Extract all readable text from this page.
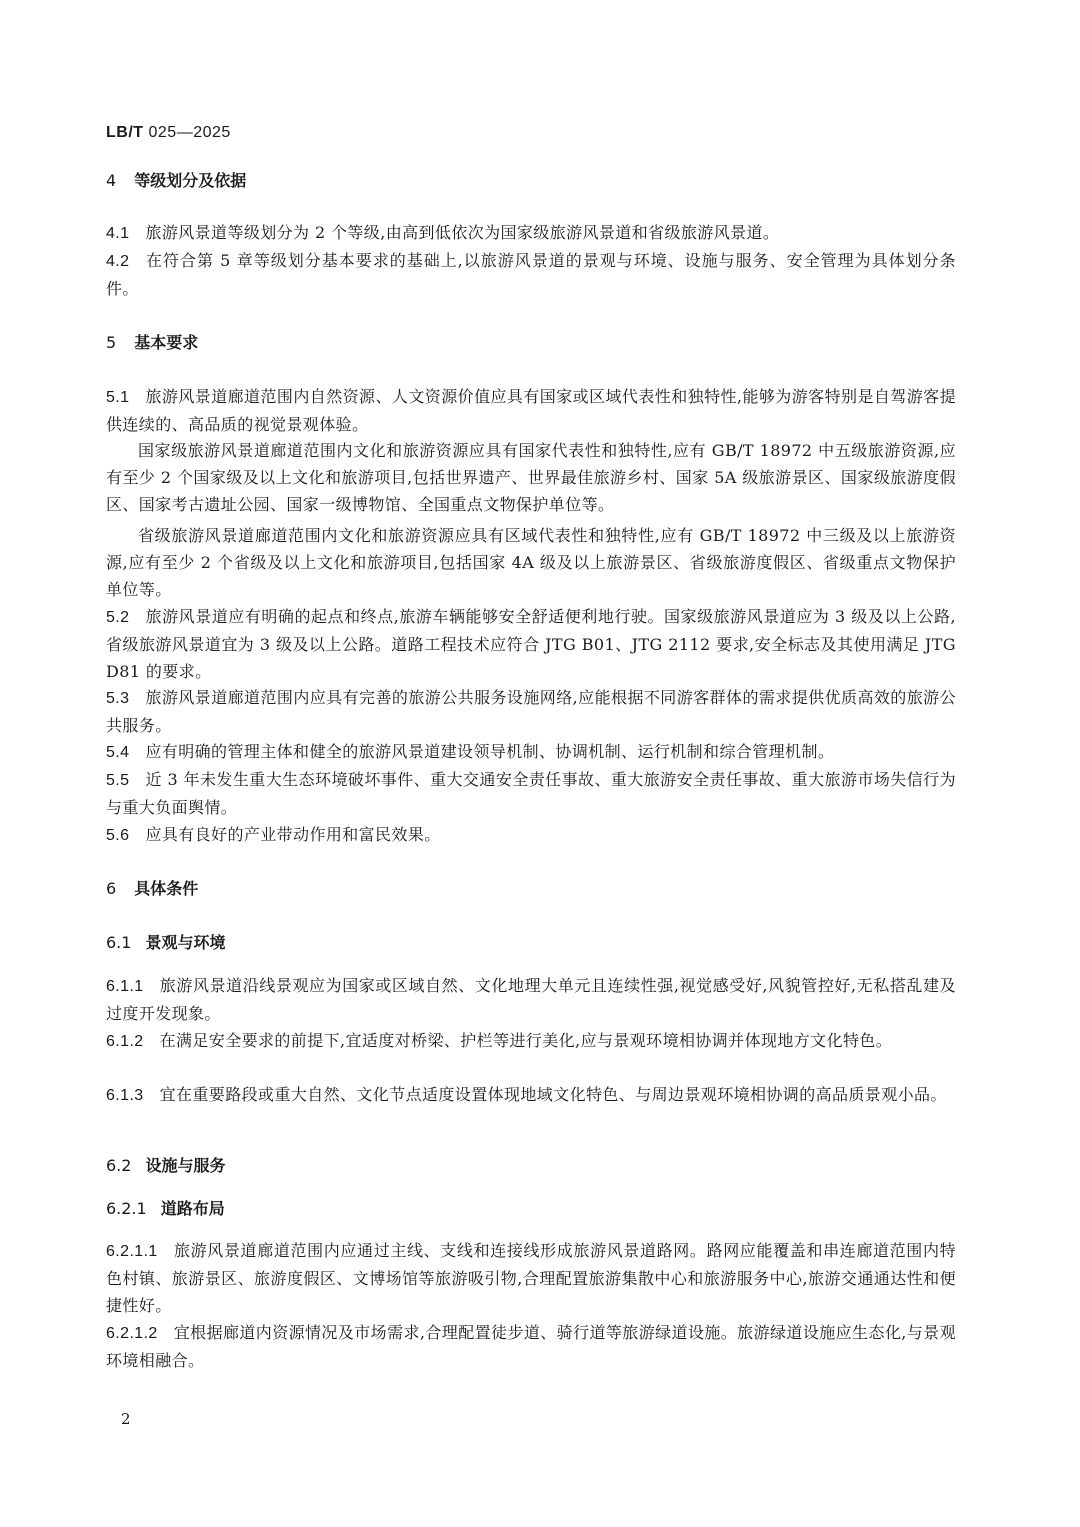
LB/T 025—2025
4 等级划分及依据

4.1 旅游风景道等级划分为 2 个等级,由高到低依次为国家级旅游风景道和省级旅游风景道。

4.2 在符合第 5 章等级划分基本要求的基础上,以旅游风景道的景观与环境、设施与服务、安全管理为具体划分条件。

5 基本要求

5.1 旅游风景道廊道范围内自然资源、人文资源价值应具有国家或区域代表性和独特性,能够为游客特别是自驾游客提供连续的、高品质的视觉景观体验。

国家级旅游风景道廊道范围内文化和旅游资源应具有国家代表性和独特性,应有 GB/T 18972 中五级旅游资源,应有至少 2 个国家级及以上文化和旅游项目,包括世界遗产、世界最佳旅游乡村、国家 5A 级旅游景区、国家级旅游度假区、国家考古遗址公园、国家一级博物馆、全国重点文物保护单位等。

省级旅游风景道廊道范围内文化和旅游资源应具有区域代表性和独特性,应有 GB/T 18972 中三级及以上旅游资源,应有至少 2 个省级及以上文化和旅游项目,包括国家 4A 级及以上旅游景区、省级旅游度假区、省级重点文物保护单位等。

5.2 旅游风景道应有明确的起点和终点,旅游车辆能够安全舒适便利地行驶。国家级旅游风景道应为 3 级及以上公路,省级旅游风景道宜为 3 级及以上公路。道路工程技术应符合 JTG B01、JTG 2112 要求,安全标志及其使用满足 JTG D81 的要求。

5.3 旅游风景道廊道范围内应具有完善的旅游公共服务设施网络,应能根据不同游客群体的需求提供优质高效的旅游公共服务。

5.4 应有明确的管理主体和健全的旅游风景道建设领导机制、协调机制、运行机制和综合管理机制。

5.5 近 3 年未发生重大生态环境破坏事件、重大交通安全责任事故、重大旅游安全责任事故、重大旅游市场失信行为与重大负面舆情。

5.6 应具有良好的产业带动作用和富民效果。

6 具体条件
6.1 景观与环境

6.1.1 旅游风景道沿线景观应为国家或区域自然、文化地理大单元且连续性强,视觉感受好,风貌管控好,无私搭乱建及过度开发现象。

6.1.2 在满足安全要求的前提下,宜适度对桥梁、护栏等进行美化,应与景观环境相协调并体现地方文化特色。

6.1.3 宜在重要路段或重大自然、文化节点适度设置体现地域文化特色、与周边景观环境相协调的高品质景观小品。

6.2 设施与服务
6.2.1 道路布局

6.2.1.1 旅游风景道廊道范围内应通过主线、支线和连接线形成旅游风景道路网。路网应能覆盖和串连廊道范围内特色村镇、旅游景区、旅游度假区、文博场馆等旅游吸引物,合理配置旅游集散中心和旅游服务中心,旅游交通通达性和便捷性好。

6.2.1.2 宜根据廊道内资源情况及市场需求,合理配置徒步道、骑行道等旅游绿道设施。旅游绿道设施应生态化,与景观环境相融合。

2
